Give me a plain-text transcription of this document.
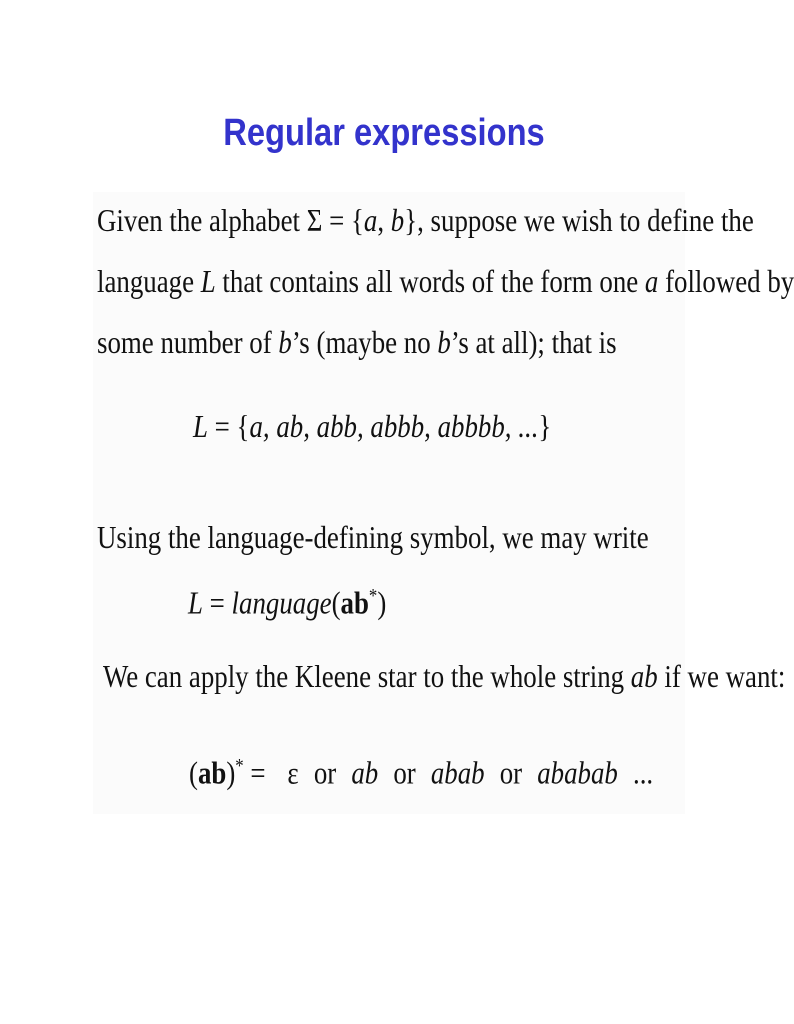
Regular expressions
Given the alphabet Σ = {a, b}, suppose we wish to define the
language L that contains all words of the form one a followed by
some number of b’s (maybe no b’s at all); that is
L = {a, ab, abb, abbb, abbbb, ...}
Using the language-defining symbol, we may write
L = language(ab*)
We can apply the Kleene star to the whole string ab if we want:
(ab)* = ε or ab or abab or ababab ...
